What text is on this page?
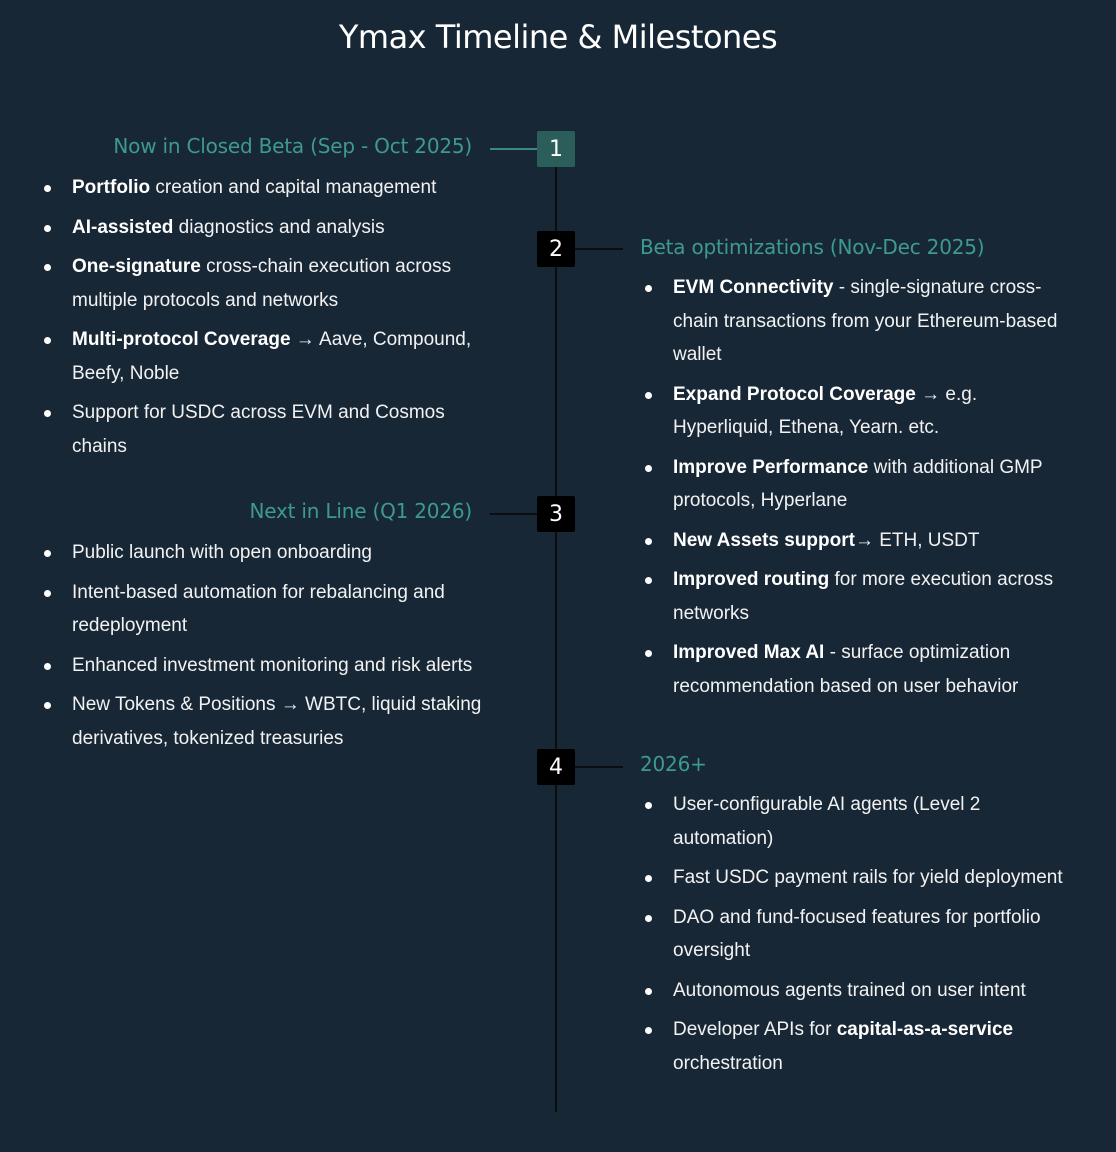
Ymax Timeline & Milestones
1
Now in Closed Beta (Sep - Oct 2025)
Portfolio creation and capital management
AI-assisted diagnostics and analysis
One-signature cross-chain execution across multiple protocols and networks
Multi-protocol Coverage → Aave, Compound, Beefy, Noble
Support for USDC across EVM and Cosmos chains
2	Beta optimizations (Nov-Dec 2025)
EVM Connectivity - single-signature cross-chain transactions from your Ethereum-based wallet
Expand Protocol Coverage → e.g. Hyperliquid, Ethena, Yearn. etc.
Improve Performance with additional GMP protocols, Hyperlane
New Assets support→ ETH, USDT
Improved routing for more execution across networks
Improved Max AI - surface optimization recommendation based on user behavior
3
Next in Line (Q1 2026)
Public launch with open onboarding
Intent-based automation for rebalancing and redeployment
Enhanced investment monitoring and risk alerts
New Tokens & Positions → WBTC, liquid staking derivatives, tokenized treasuries
4	2026+
User-configurable AI agents (Level 2 automation)
Fast USDC payment rails for yield deployment
DAO and fund-focused features for portfolio oversight
Autonomous agents trained on user intent
Developer APIs for capital-as-a-service orchestration
